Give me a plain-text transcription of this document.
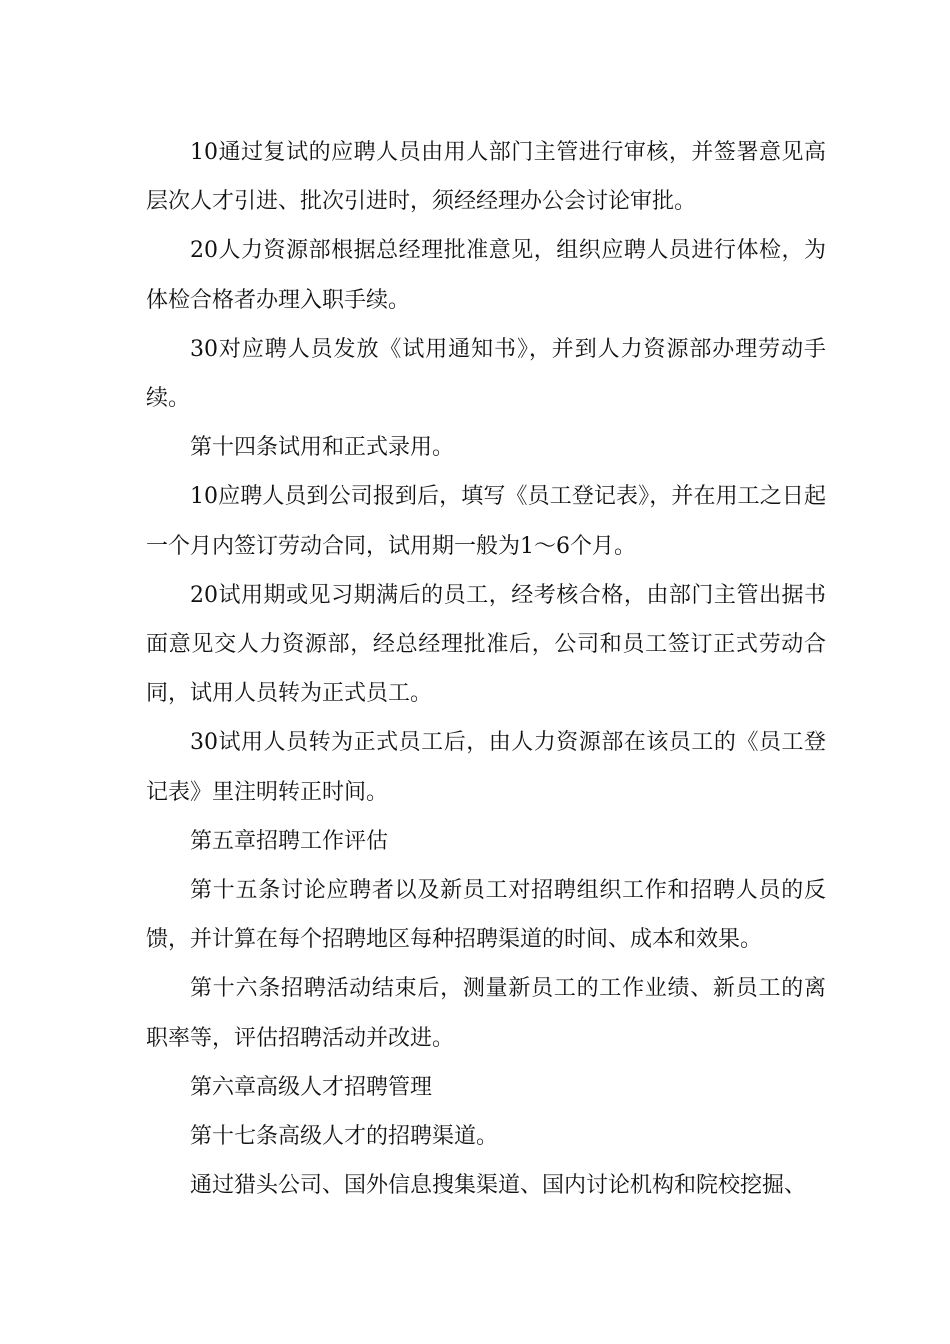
10通过复试的应聘人员由用人部门主管进行审核，并签署意见高层次人才引进、批次引进时，须经经理办公会讨论审批。

20人力资源部根据总经理批准意见，组织应聘人员进行体检，为体检合格者办理入职手续。

30对应聘人员发放《试用通知书》，并到人力资源部办理劳动手续。

第十四条试用和正式录用。

10应聘人员到公司报到后，填写《员工登记表》，并在用工之日起一个月内签订劳动合同，试用期一般为1～6个月。

20试用期或见习期满后的员工，经考核合格，由部门主管出据书面意见交人力资源部，经总经理批准后，公司和员工签订正式劳动合同，试用人员转为正式员工。

30试用人员转为正式员工后，由人力资源部在该员工的《员工登记表》里注明转正时间。

第五章招聘工作评估

第十五条讨论应聘者以及新员工对招聘组织工作和招聘人员的反馈，并计算在每个招聘地区每种招聘渠道的时间、成本和效果。

第十六条招聘活动结束后，测量新员工的工作业绩、新员工的离职率等，评估招聘活动并改进。

第六章高级人才招聘管理

第十七条高级人才的招聘渠道。

通过猎头公司、国外信息搜集渠道、国内讨论机构和院校挖掘、
